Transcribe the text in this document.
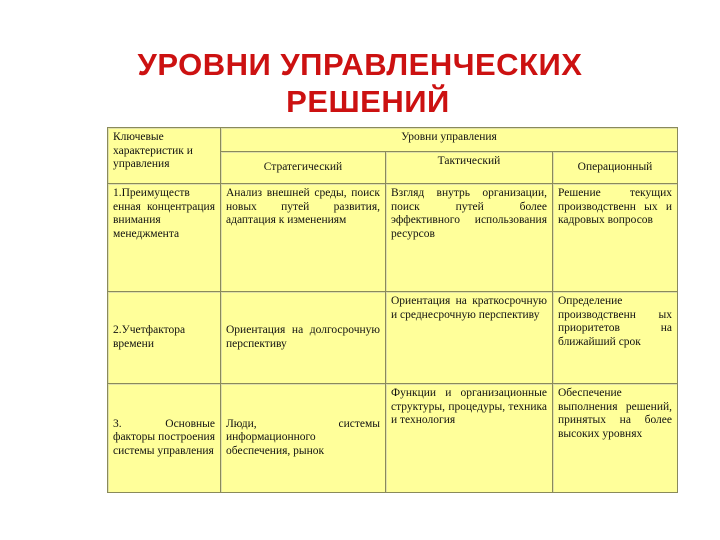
УРОВНИ УПРАВЛЕНЧЕСКИХ
РЕШЕНИЙ
Ключевые характеристик и управления	Уровни управления		
	Стратегический	Тактический	Операционный
1.Преимуществ енная концентрация внимания менеджмента	Анализ внешней среды, поиск новых путей развития, адаптация к изменениям	Взгляд внутрь организации, поиск путей более эффективного использования ресурсов	Решение текущих производственн ых и кадровых вопросов
2.Учетфактора времени	Ориентация на долгосрочную перспективу	Ориентация на краткосрочную и среднесрочную перспективу	Определение производственн ых приоритетов на ближайший срок
3. Основные факторы построения системы управления	Люди, системы информационного обеспечения, рынок	Функции и организационные структуры, процедуры, техника и технология	Обеспечение выполнения решений, принятых на более высоких уровнях
